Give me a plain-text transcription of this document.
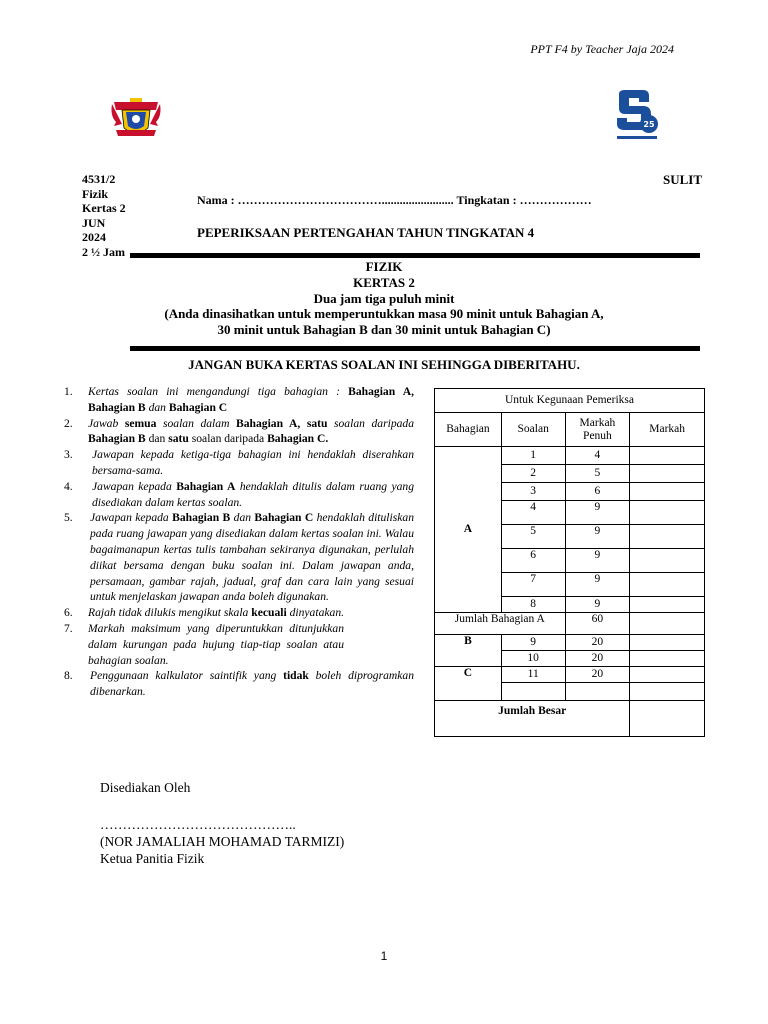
PPT F4 by Teacher Jaja 2024
25
4531/2
Fizik
Kertas 2
JUN
2024
2 ½ Jam
SULIT
Nama : ………………………………........................ Tingkatan : ………………
PEPERIKSAAN PERTENGAHAN TAHUN TINGKATAN 4
FIZIK
KERTAS 2
Dua jam tiga puluh minit
(Anda dinasihatkan untuk memperuntukkan masa 90 minit untuk Bahagian A,
30 minit untuk Bahagian B dan 30 minit untuk Bahagian C)
JANGAN BUKA KERTAS SOALAN INI SEHINGGA DIBERITAHU.
1. Kertas soalan ini mengandungi tiga bahagian : Bahagian A, Bahagian B dan Bahagian C
2. Jawab semua soalan dalam Bahagian A, satu soalan daripada Bahagian B dan satu soalan daripada Bahagian C.
3. Jawapan kepada ketiga-tiga bahagian ini hendaklah diserahkan bersama-sama.
4. Jawapan kepada Bahagian A hendaklah ditulis dalam ruang yang disediakan dalam kertas soalan.
5. Jawapan kepada Bahagian B dan Bahagian C hendaklah dituliskan pada ruang jawapan yang disediakan dalam kertas soalan ini. Walau bagaimanapun kertas tulis tambahan sekiranya digunakan, perlulah diikat bersama dengan buku soalan ini. Dalam jawapan anda, persamaan, gambar rajah, jadual, graf dan cara lain yang sesuai untuk menjelaskan jawapan anda boleh digunakan.
6. Rajah tidak dilukis mengikut skala kecuali dinyatakan.
7. Markah maksimum yang diperuntukkan ditunjukkan dalam kurungan pada hujung tiap-tiap soalan atau bahagian soalan.
8. Penggunaan kalkulator saintifik yang tidak boleh diprogramkan dibenarkan.
Untuk Kegunaan Pemeriksa			
Bahagian	Soalan	Markah Penuh	Markah
A	1	4	
	2	5	
	3	6	
	4	9	
	5	9	
	6	9	
	7	9	
	8	9	
Jumlah Bahagian A		60	
B	9	20	
	10	20	
C	11	20	

Jumlah Besar			
Disediakan Oleh
……………………………………..
(NOR JAMALIAH MOHAMAD TARMIZI)
Ketua Panitia Fizik
1
